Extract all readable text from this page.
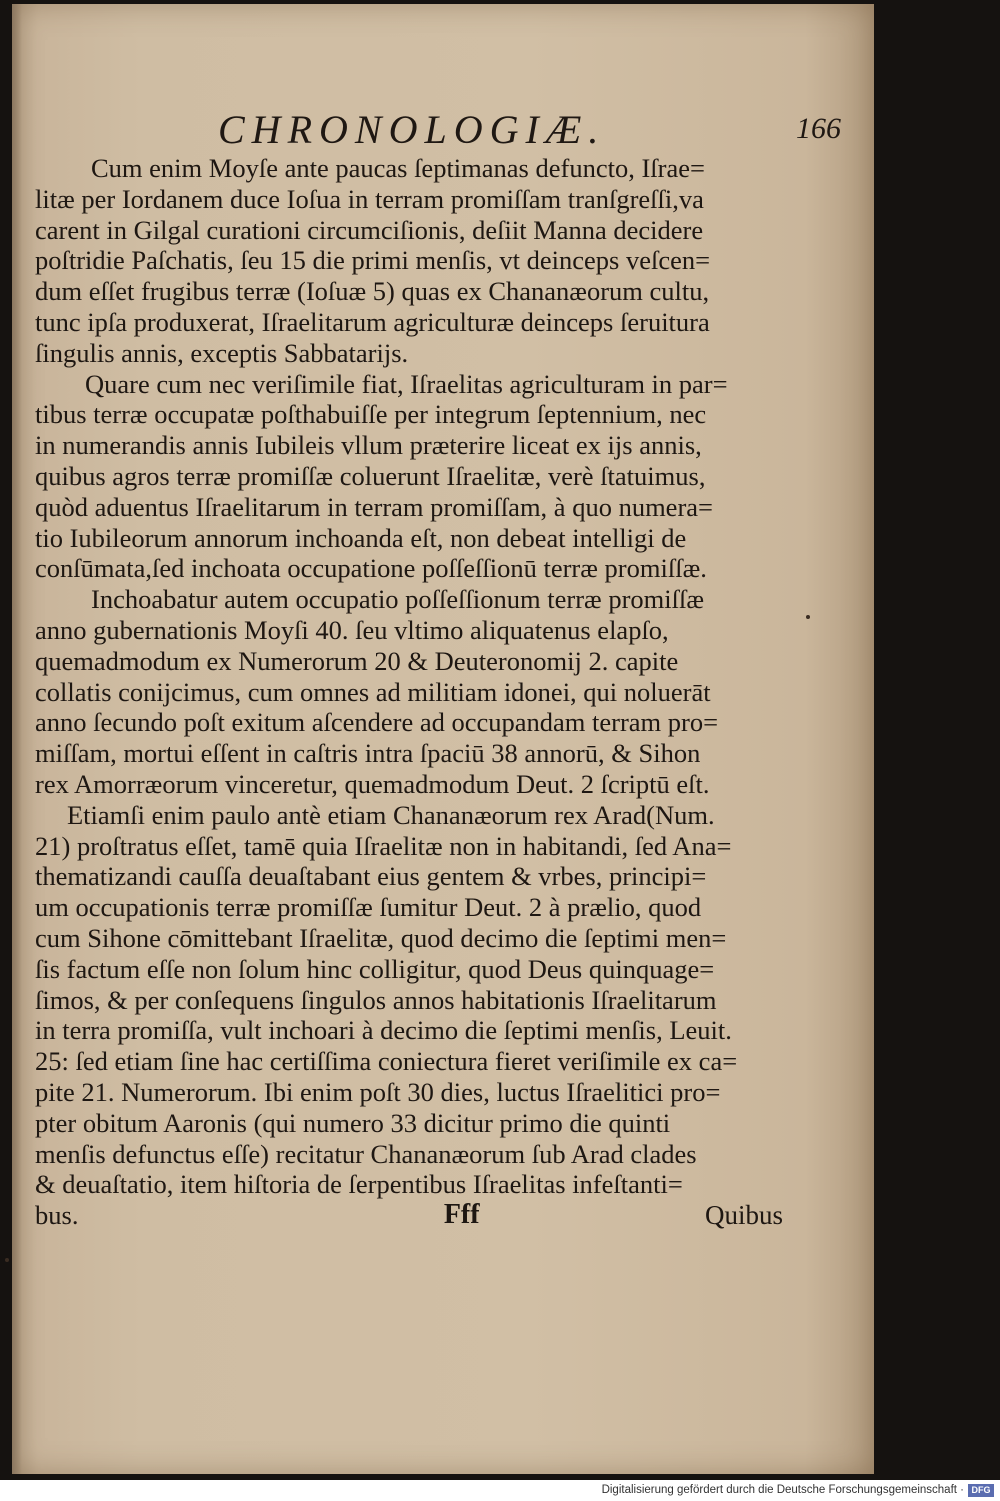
CHRONOLOGIÆ.	166
Cum enim Moyſe ante paucas ſeptimanas defuncto, Iſrae=
litæ per Iordanem duce Ioſua in terram promiſſam tranſgreſſi,va
carent in Gilgal curationi circumciſionis, deſiit Manna decidere
poſtridie Paſchatis, ſeu 15 die primi menſis, vt deinceps veſcen=
dum eſſet frugibus terræ (Ioſuæ 5) quas ex Chananæorum cultu,
tunc ipſa produxerat, Iſraelitarum agriculturæ deinceps ſeruitura
ſingulis annis, exceptis Sabbatarijs.
Quare cum nec veriſimile fiat, Iſraelitas agriculturam in par=
tibus terræ occupatæ poſthabuiſſe per integrum ſeptennium, nec
in numerandis annis Iubileis vllum præterire liceat ex ijs annis,
quibus agros terræ promiſſæ coluerunt Iſraelitæ, verè ſtatuimus,
quòd aduentus Iſraelitarum in terram promiſſam, à quo numera=
tio Iubileorum annorum inchoanda eſt, non debeat intelligi de
conſūmata,ſed inchoata occupatione poſſeſſionū terræ promiſſæ.
Inchoabatur autem occupatio poſſeſſionum terræ promiſſæ
anno gubernationis Moyſi 40. ſeu vltimo aliquatenus elapſo,
quemadmodum ex Numerorum 20 & Deuteronomij 2. capite
collatis conijcimus, cum omnes ad militiam idonei, qui noluerāt
anno ſecundo poſt exitum aſcendere ad occupandam terram pro=
miſſam, mortui eſſent in caſtris intra ſpaciū 38 annorū, & Sihon
rex Amorræorum vinceretur, quemadmodum Deut. 2 ſcriptū eſt.
Etiamſi enim paulo antè etiam Chananæorum rex Arad(Num.
21) proſtratus eſſet, tamē quia Iſraelitæ non in habitandi, ſed Ana=
thematizandi cauſſa deuaſtabant eius gentem & vrbes, principi=
um occupationis terræ promiſſæ ſumitur Deut. 2 à prælio, quod
cum Sihone cōmittebant Iſraelitæ, quod decimo die ſeptimi men=
ſis factum eſſe non ſolum hinc colligitur, quod Deus quinquage=
ſimos, & per conſequens ſingulos annos habitationis Iſraelitarum
in terra promiſſa, vult inchoari à decimo die ſeptimi menſis, Leuit.
25: ſed etiam ſine hac certiſſima coniectura fieret veriſimile ex ca=
pite 21. Numerorum. Ibi enim poſt 30 dies, luctus Iſraelitici pro=
pter obitum Aaronis (qui numero 33 dicitur primo die quinti
menſis defunctus eſſe) recitatur Chananæorum ſub Arad clades
& deuaſtatio, item hiſtoria de ſerpentibus Iſraelitas infeſtanti=
bus.	Fff	Quibus
Digitalisierung gefördert durch die Deutsche Forschungsgemeinschaft · DFG
